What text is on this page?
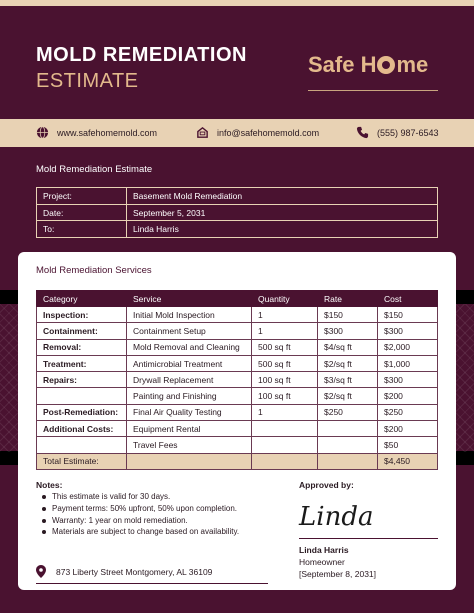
MOLD REMEDIATION
ESTIMATE
Safe H me
www.safehomemold.com	info@safehomemold.com	(555) 987-6543
Mold Remediation Estimate
Project:	Basement Mold Remediation
Date:	September 5, 2031
To:	Linda Harris
Mold Remediation Services
Category	Service	Quantity	Rate	Cost
Inspection:	Initial Mold Inspection	1	$150	$150
Containment:	Containment Setup	1	$300	$300
Removal:	Mold Removal and Cleaning	500 sq ft	$4/sq ft	$2,000
Treatment:	Antimicrobial Treatment	500 sq ft	$2/sq ft	$1,000
Repairs:	Drywall Replacement	100 sq ft	$3/sq ft	$300
	Painting and Finishing	100 sq ft	$2/sq ft	$200
Post-Remediation:	Final Air Quality Testing	1	$250	$250
Additional Costs:	Equipment Rental			$200
	Travel Fees			$50
Total Estimate:				$4,450
Notes:
This estimate is valid for 30 days.
Payment terms: 50% upfront, 50% upon completion.
Warranty: 1 year on mold remediation.
Materials are subject to change based on availability.
873 Liberty Street Montgomery, AL 36109
Approved by:
Linda
Linda Harris
Homeowner
[September 8, 2031]
